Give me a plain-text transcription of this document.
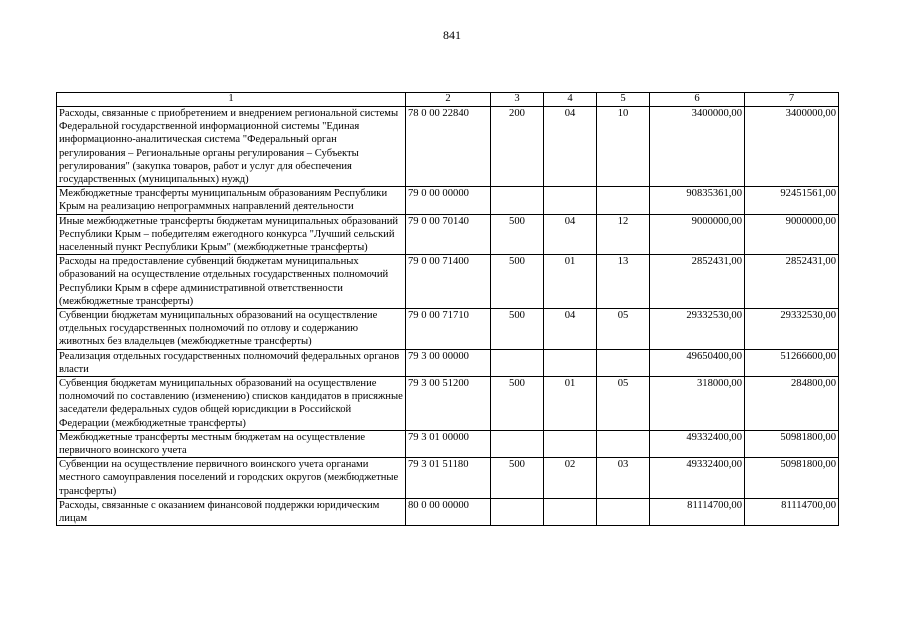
841
1	2	3	4	5	6	7
Расходы, связанные с приобретением и внедрением региональной системы Федеральной государственной информационной системы "Единая информационно-аналитическая система "Федеральный орган регулирования – Региональные органы регулирования – Субъекты регулирования" (закупка товаров, работ и услуг для обеспечения государственных (муниципальных) нужд)	78 0 00 22840	200	04	10	3400000,00	3400000,00
Межбюджетные трансферты муниципальным образованиям Республики Крым на реализацию непрограммных направлений деятельности	79 0 00 00000				90835361,00	92451561,00
Иные межбюджетные трансферты бюджетам муниципальных образований Республики Крым – победителям ежегодного конкурса "Лучший сельский населенный пункт Республики Крым" (межбюджетные трансферты)	79 0 00 70140	500	04	12	9000000,00	9000000,00
Расходы на предоставление субвенций бюджетам муниципальных образований на осуществление отдельных государственных полномочий Республики Крым в сфере административной ответственности (межбюджетные трансферты)	79 0 00 71400	500	01	13	2852431,00	2852431,00
Субвенции бюджетам муниципальных образований на осуществление отдельных государственных полномочий по отлову и содержанию животных без владельцев (межбюджетные трансферты)	79 0 00 71710	500	04	05	29332530,00	29332530,00
Реализация отдельных государственных полномочий федеральных органов власти	79 3 00 00000				49650400,00	51266600,00
Субвенция бюджетам муниципальных образований на осуществление полномочий по составлению (изменению) списков кандидатов в присяжные заседатели федеральных судов общей юрисдикции в Российской Федерации (межбюджетные трансферты)	79 3 00 51200	500	01	05	318000,00	284800,00
Межбюджетные трансферты местным бюджетам на осуществление первичного воинского учета	79 3 01 00000				49332400,00	50981800,00
Субвенции на осуществление первичного воинского учета органами местного самоуправления поселений и городских округов (межбюджетные трансферты)	79 3 01 51180	500	02	03	49332400,00	50981800,00
Расходы, связанные с оказанием финансовой поддержки юридическим лицам	80 0 00 00000				81114700,00	81114700,00
